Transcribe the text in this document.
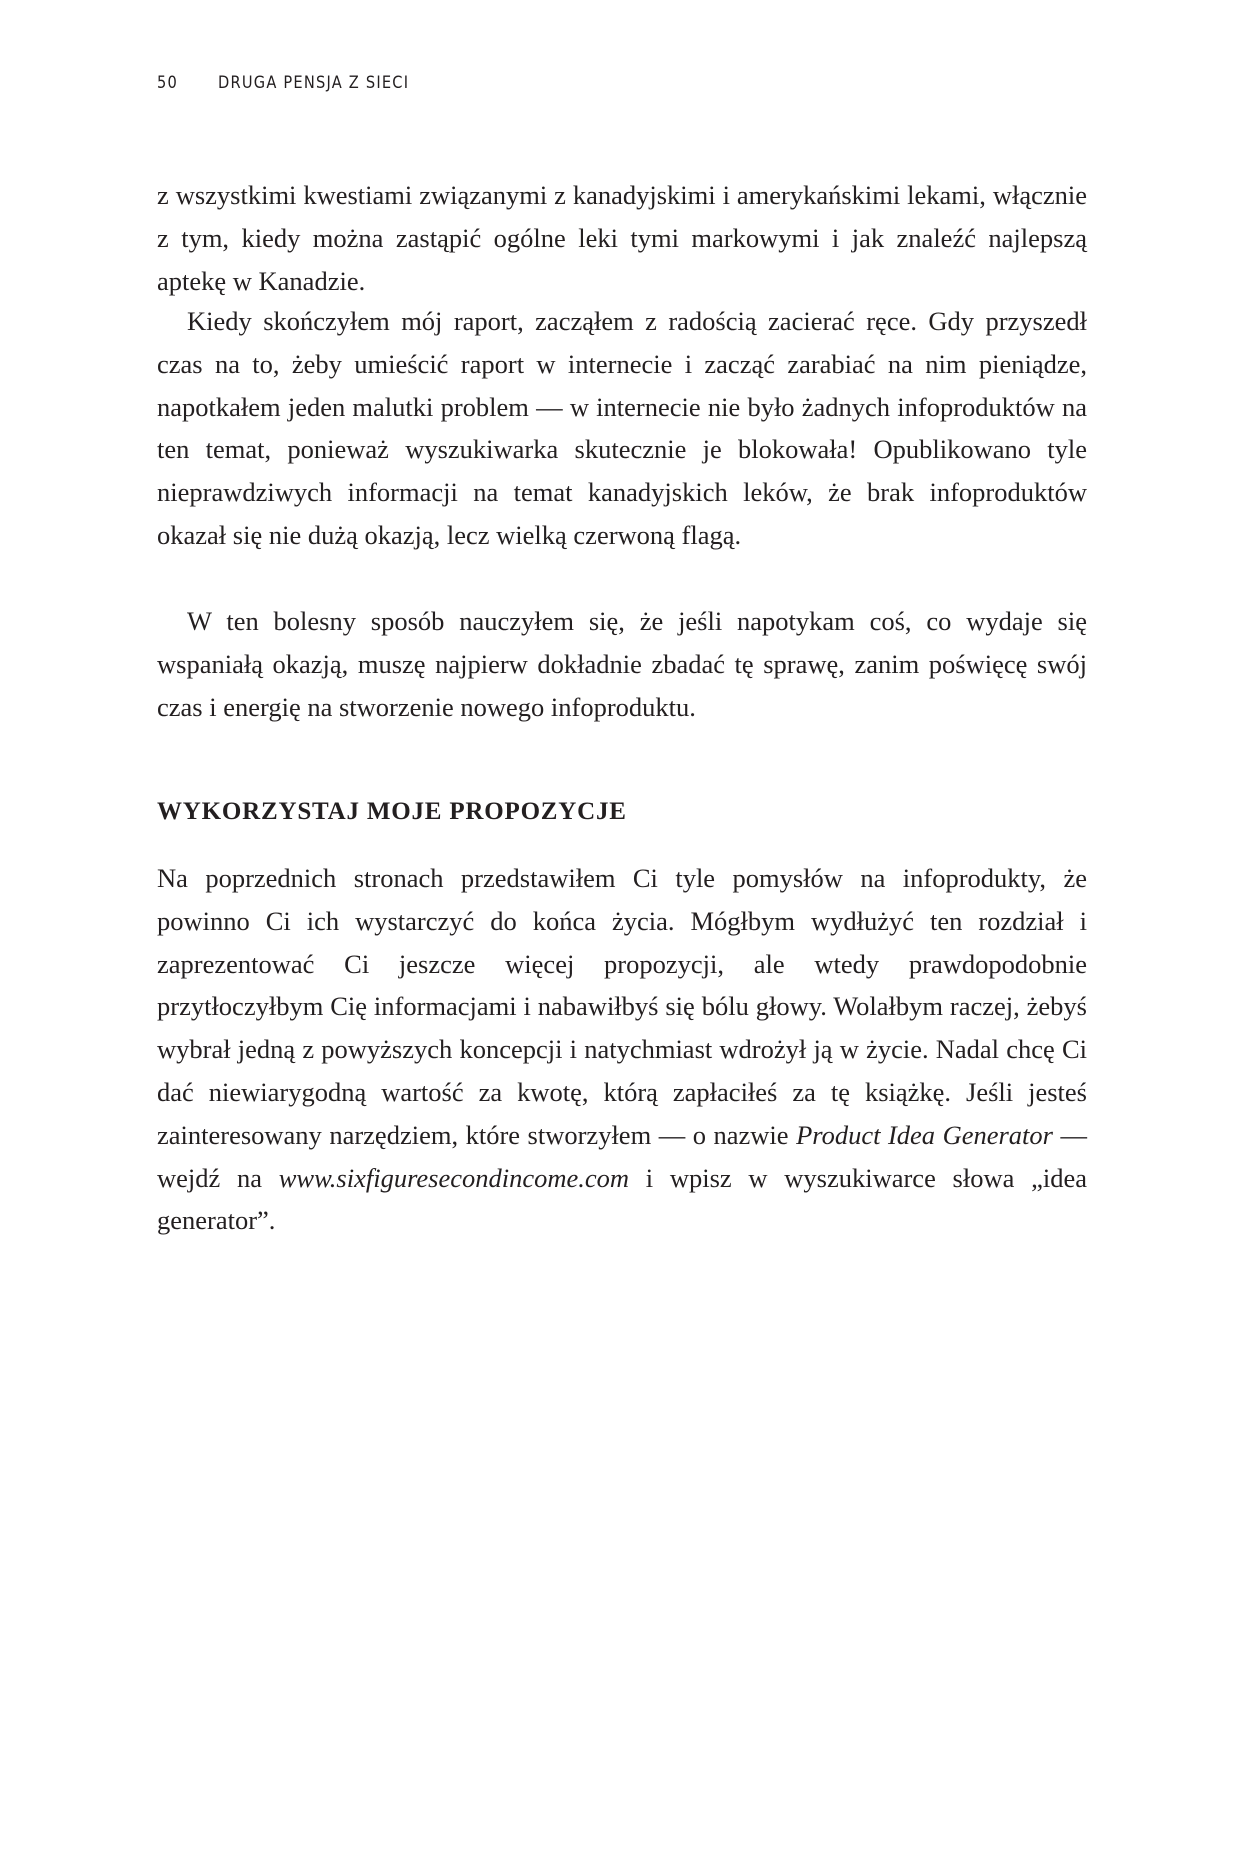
50 DRUGA PENSJA Z SIECI

z wszystkimi kwestiami związanymi z kanadyjskimi i amerykańskimi lekami, włącznie z tym, kiedy można zastąpić ogólne leki tymi markowymi i jak znaleźć najlepszą aptekę w Kanadzie.

Kiedy skończyłem mój raport, zacząłem z radością zacierać ręce. Gdy przyszedł czas na to, żeby umieścić raport w internecie i zacząć zarabiać na nim pieniądze, napotkałem jeden malutki problem — w internecie nie było żadnych infoproduktów na ten temat, ponieważ wyszukiwarka skutecznie je blokowała! Opublikowano tyle nieprawdziwych informacji na temat kanadyjskich leków, że brak infoproduktów okazał się nie dużą okazją, lecz wielką czerwoną flagą.

W ten bolesny sposób nauczyłem się, że jeśli napotykam coś, co wydaje się wspaniałą okazją, muszę najpierw dokładnie zbadać tę sprawę, zanim poświęcę swój czas i energię na stworzenie nowego infoproduktu.

WYKORZYSTAJ MOJE PROPOZYCJE

Na poprzednich stronach przedstawiłem Ci tyle pomysłów na infoprodukty, że powinno Ci ich wystarczyć do końca życia. Mógłbym wydłużyć ten rozdział i zaprezentować Ci jeszcze więcej propozycji, ale wtedy prawdopodobnie przytłoczyłbym Cię informacjami i nabawiłbyś się bólu głowy. Wolałbym raczej, żebyś wybrał jedną z powyższych koncepcji i natychmiast wdrożył ją w życie. Nadal chcę Ci dać niewiarygodną wartość za kwotę, którą zapłaciłeś za tę książkę. Jeśli jesteś zainteresowany narzędziem, które stworzyłem — o nazwie Product Idea Generator — wejdź na www.sixfiguresecondincome.com i wpisz w wyszukiwarce słowa „idea generator”.
